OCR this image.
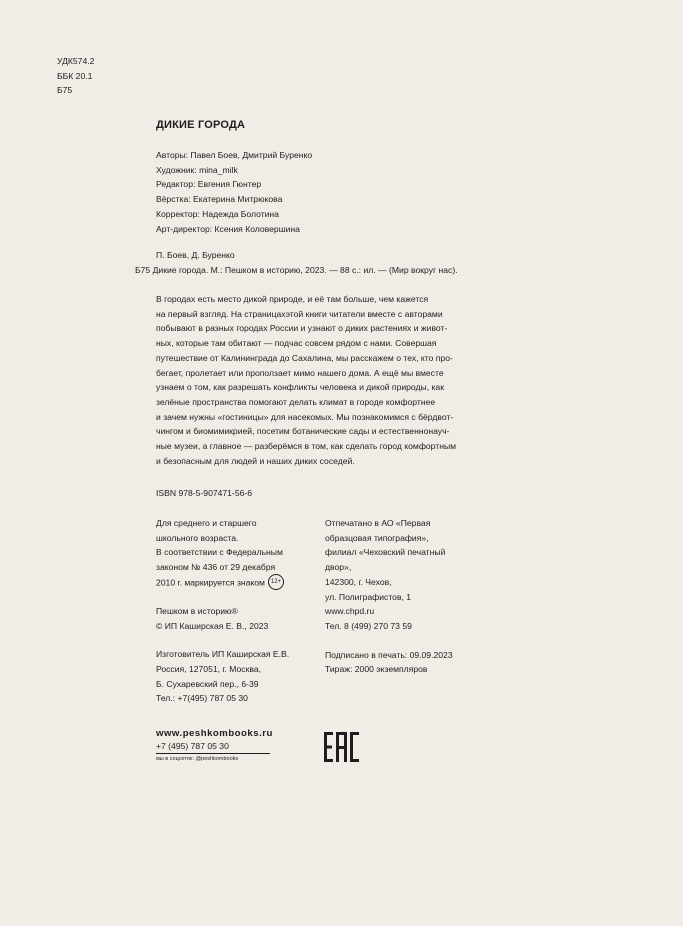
УДК574.2
ББК 20.1
Б75
ДИКИЕ ГОРОДА
Авторы: Павел Боев, Дмитрий Буренко
Художник: mina_milk
Редактор: Евгения Гюнтер
Вёрстка: Екатерина Митрюкова
Корректор: Надежда Болотина
Арт-директор: Ксения Коловершина
П. Боев, Д. Буренко
Б75 Дикие города. М.: Пешком в историю, 2023. — 88 с.: ил. — (Мир вокруг нас).
В городах есть место дикой природе, и её там больше, чем кажется
на первый взгляд. На страницахэтой книги читатели вместе с авторами
побывают в разных городах России и узнают о диких растениях и живот-
ных, которые там обитают — подчас совсем рядом с нами. Совершая
путешествие от Калининграда до Сахалина, мы расскажем о тех, кто про-
бегает, пролетает или проползает мимо нашего дома. А ещё мы вместе
узнаем о том, как разрешать конфликты человека и дикой природы, как
зелёные пространства помогают делать климат в городе комфортнее
и зачем нужны «гостиницы» для насекомых. Мы познакомимся с бёрдвот-
чингом и биомимикрией, посетим ботанические сады и естественнонауч-
ные музеи, а главное — разберёмся в том, как сделать город комфортным
и безопасным для людей и наших диких соседей.
ISBN 978-5-907471-56-6
Для среднего и старшего
школьного возраста.
В соответствии с Федеральным
законом № 436 от 29 декабря
2010 г. маркируется знаком 12+
Пешком в историю®
© ИП Каширская Е. В., 2023
Изготовитель ИП Каширская Е.В.
Россия, 127051, г. Москва,
Б. Сухаревский пер., 6-39
Тел.: +7(495) 787 05 30
Отпечатано в АО «Первая
образцовая типография»,
филиал «Чеховский печатный
двор»,
142300, г. Чехов,
ул. Полиграфистов, 1
www.chpd.ru
Тел. 8 (499) 270 73 59
Подписано в печать: 09.09.2023
Тираж: 2000 экземпляров
www.peshkombooks.ru
+7 (495) 787 05 30
мы в соцсетях: @peshkombooks
